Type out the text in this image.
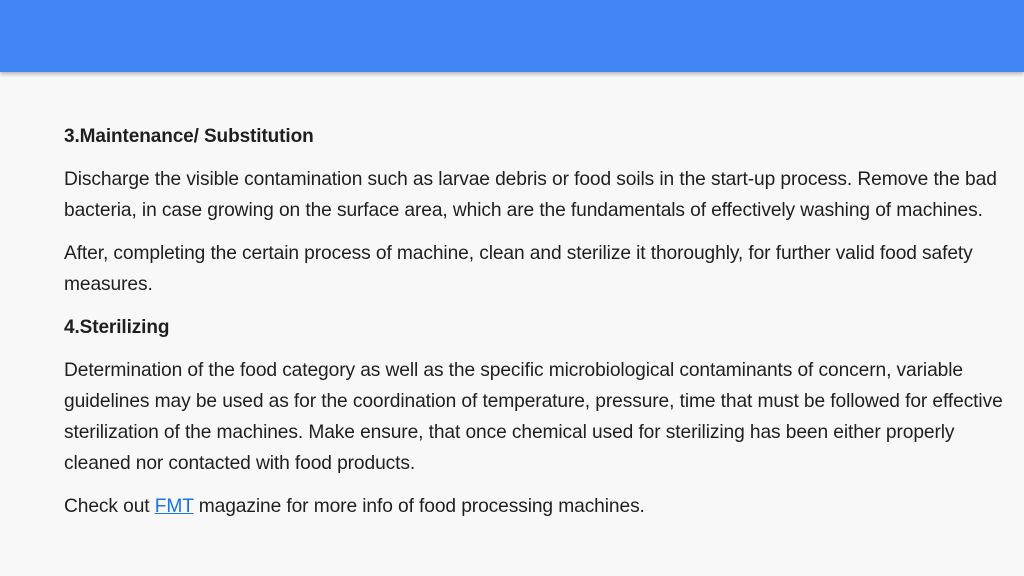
3.Maintenance/ Substitution

Discharge the visible contamination such as larvae debris or food soils in the start-up process. Remove the bad bacteria, in case growing on the surface area, which are the fundamentals of effectively washing of machines.

After, completing the certain process of machine, clean and sterilize it thoroughly, for further valid food safety measures.

4.Sterilizing

Determination of the food category as well as the specific microbiological contaminants of concern, variable guidelines may be used as for the coordination of temperature, pressure, time that must be followed for effective sterilization of the machines. Make ensure, that once chemical used for sterilizing has been either properly cleaned nor contacted with food products.

Check out FMT magazine for more info of food processing machines.
